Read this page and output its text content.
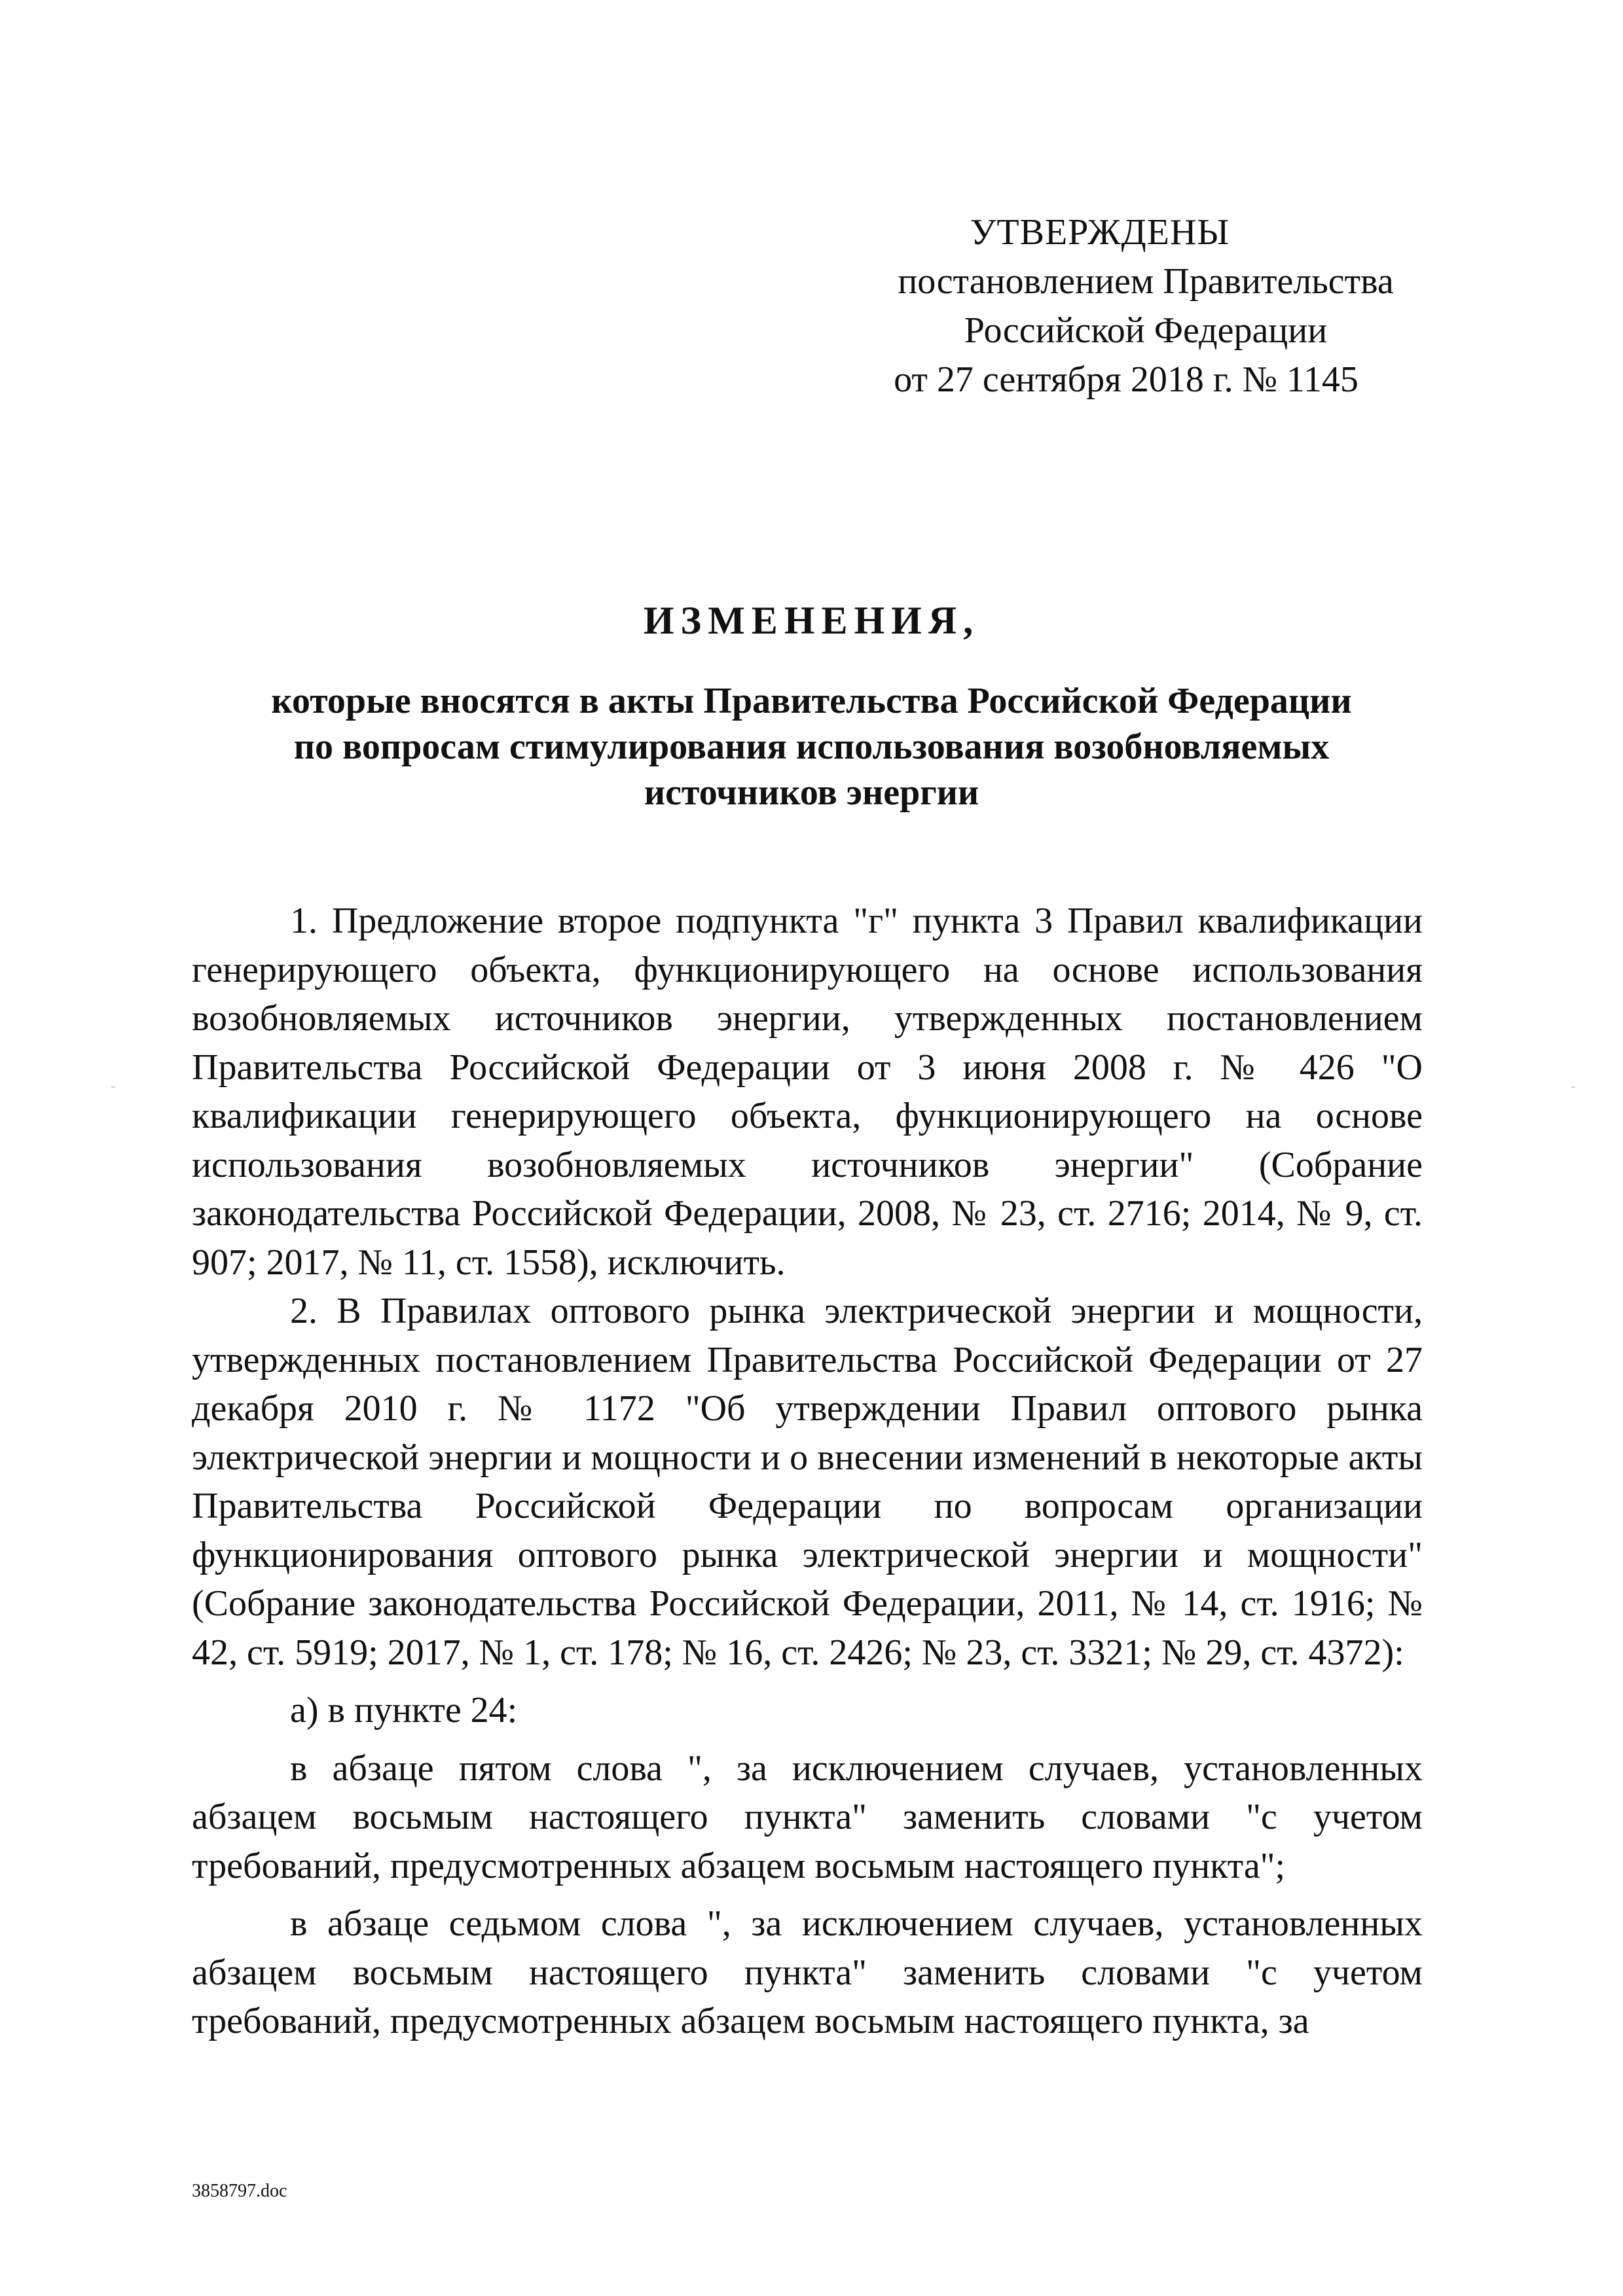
УТВЕРЖДЕНЫ
постановлением Правительства
Российской Федерации
от 27 сентября 2018 г. № 1145
ИЗМЕНЕНИЯ,
которые вносятся в акты Правительства Российской Федерации
по вопросам стимулирования использования возобновляемых
источников энергии

1. Предложение второе подпункта "г" пункта 3 Правил квалификации генерирующего объекта, функционирующего на основе использования возобновляемых источников энергии, утвержденных постановлением Правительства Российской Федерации от 3 июня 2008 г. № 426 "О квалификации генерирующего объекта, функционирующего на основе использования возобновляемых источников энергии" (Собрание законодательства Российской Федерации, 2008, № 23, ст. 2716; 2014, № 9, ст. 907; 2017, № 11, ст. 1558), исключить.

2. В Правилах оптового рынка электрической энергии и мощности, утвержденных постановлением Правительства Российской Федерации от 27 декабря 2010 г. № 1172 "Об утверждении Правил оптового рынка электрической энергии и мощности и о внесении изменений в некоторые акты Правительства Российской Федерации по вопросам организации функционирования оптового рынка электрической энергии и мощности" (Собрание законодательства Российской Федерации, 2011, № 14, ст. 1916; № 42, ст. 5919; 2017, № 1, ст. 178; № 16, ст. 2426; № 23, ст. 3321; № 29, ст. 4372):

а) в пункте 24:

в абзаце пятом слова ", за исключением случаев, установленных абзацем восьмым настоящего пункта" заменить словами "с учетом требований, предусмотренных абзацем восьмым настоящего пункта";

в абзаце седьмом слова ", за исключением случаев, установленных абзацем восьмым настоящего пункта" заменить словами "с учетом требований, предусмотренных абзацем восьмым настоящего пункта, за

3858797.doc
